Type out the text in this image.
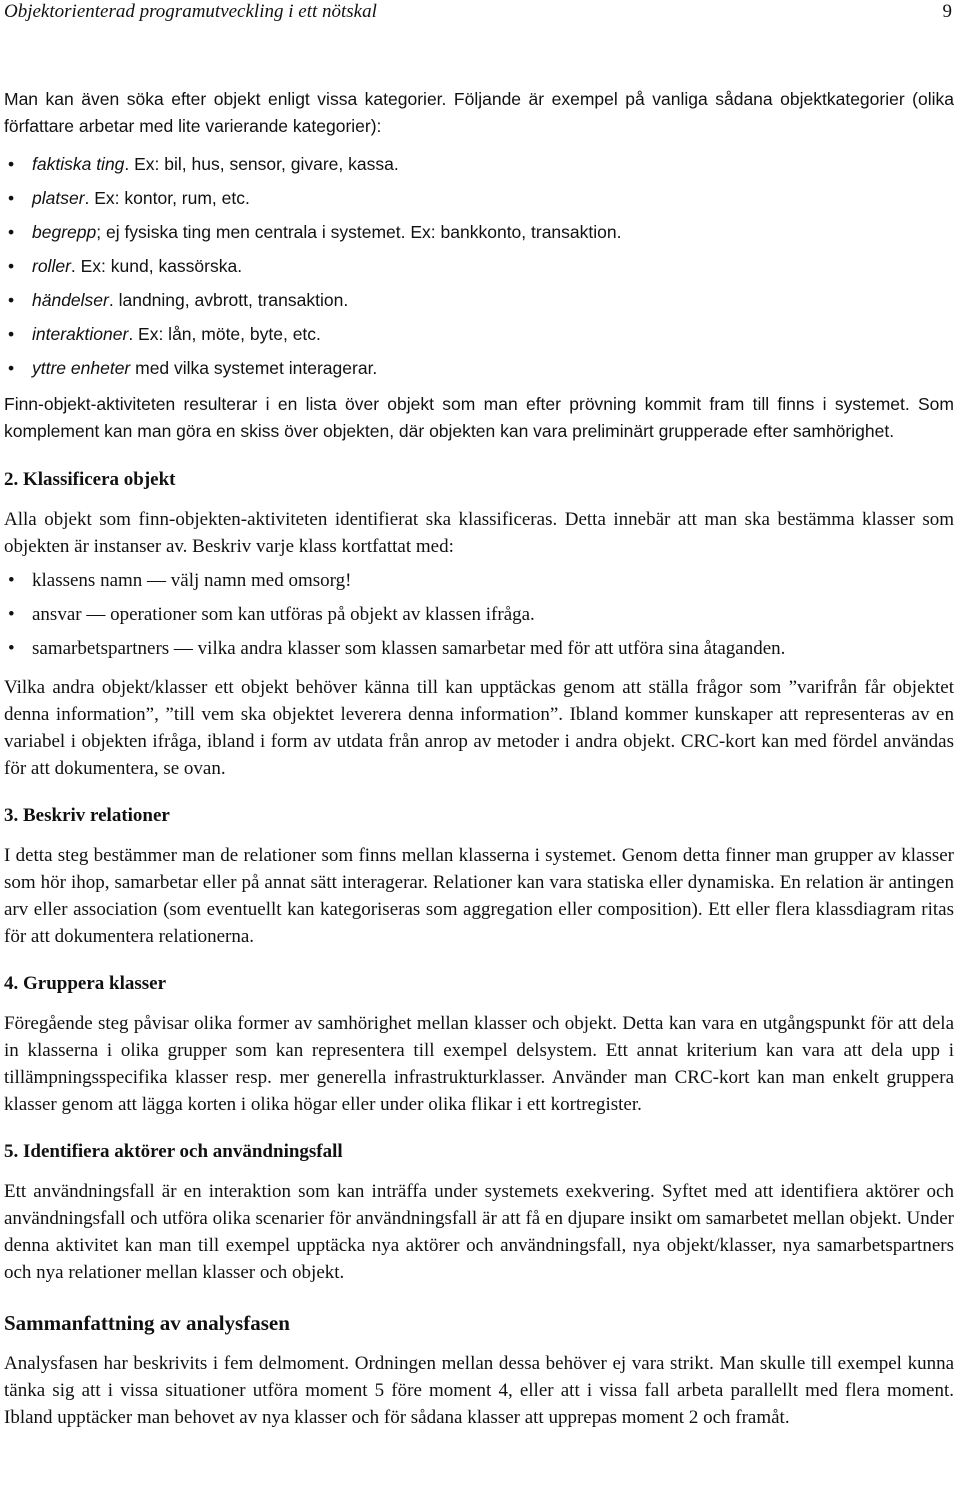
Objektorienterad programutveckling i ett nötskal	9

Man kan även söka efter objekt enligt vissa kategorier. Följande är exempel på vanliga sådana objektkategorier (olika författare arbetar med lite varierande kategorier):

• faktiska ting. Ex: bil, hus, sensor, givare, kassa.
• platser. Ex: kontor, rum, etc.
• begrepp; ej fysiska ting men centrala i systemet. Ex: bankkonto, transaktion.
• roller. Ex: kund, kassörska.
• händelser. landning, avbrott, transaktion.
• interaktioner. Ex: lån, möte, byte, etc.
• yttre enheter med vilka systemet interagerar.

Finn-objekt-aktiviteten resulterar i en lista över objekt som man efter prövning kommit fram till finns i systemet. Som komplement kan man göra en skiss över objekten, där objekten kan vara preliminärt grupperade efter samhörighet.

2. Klassificera objekt

Alla objekt som finn-objekten-aktiviteten identifierat ska klassificeras. Detta innebär att man ska bestämma klasser som objekten är instanser av. Beskriv varje klass kortfattat med:

• klassens namn — välj namn med omsorg!
• ansvar — operationer som kan utföras på objekt av klassen ifråga.
• samarbetspartners — vilka andra klasser som klassen samarbetar med för att utföra sina åtaganden.

Vilka andra objekt/klasser ett objekt behöver känna till kan upptäckas genom att ställa frågor som ”varifrån får objektet denna information”, ”till vem ska objektet leverera denna information”. Ibland kommer kunskaper att representeras av en variabel i objekten ifråga, ibland i form av utdata från anrop av metoder i andra objekt. CRC-kort kan med fördel användas för att dokumentera, se ovan.

3. Beskriv relationer

I detta steg bestämmer man de relationer som finns mellan klasserna i systemet. Genom detta finner man grupper av klasser som hör ihop, samarbetar eller på annat sätt interagerar. Relationer kan vara statiska eller dynamiska. En relation är antingen arv eller association (som eventuellt kan kategoriseras som aggregation eller composition). Ett eller flera klassdiagram ritas för att dokumentera relationerna.

4. Gruppera klasser

Föregående steg påvisar olika former av samhörighet mellan klasser och objekt. Detta kan vara en utgångspunkt för att dela in klasserna i olika grupper som kan representera till exempel delsystem. Ett annat kriterium kan vara att dela upp i tillämpningsspecifika klasser resp. mer generella infrastrukturklasser. Använder man CRC-kort kan man enkelt gruppera klasser genom att lägga korten i olika högar eller under olika flikar i ett kortregister.

5. Identifiera aktörer och användningsfall

Ett användningsfall är en interaktion som kan inträffa under systemets exekvering. Syftet med att identifiera aktörer och användningsfall och utföra olika scenarier för användningsfall är att få en djupare insikt om samarbetet mellan objekt. Under denna aktivitet kan man till exempel upptäcka nya aktörer och användningsfall, nya objekt/klasser, nya samarbetspartners och nya relationer mellan klasser och objekt.

Sammanfattning av analysfasen

Analysfasen har beskrivits i fem delmoment. Ordningen mellan dessa behöver ej vara strikt. Man skulle till exempel kunna tänka sig att i vissa situationer utföra moment 5 före moment 4, eller att i vissa fall arbeta parallellt med flera moment. Ibland upptäcker man behovet av nya klasser och för sådana klasser att upprepas moment 2 och framåt.
